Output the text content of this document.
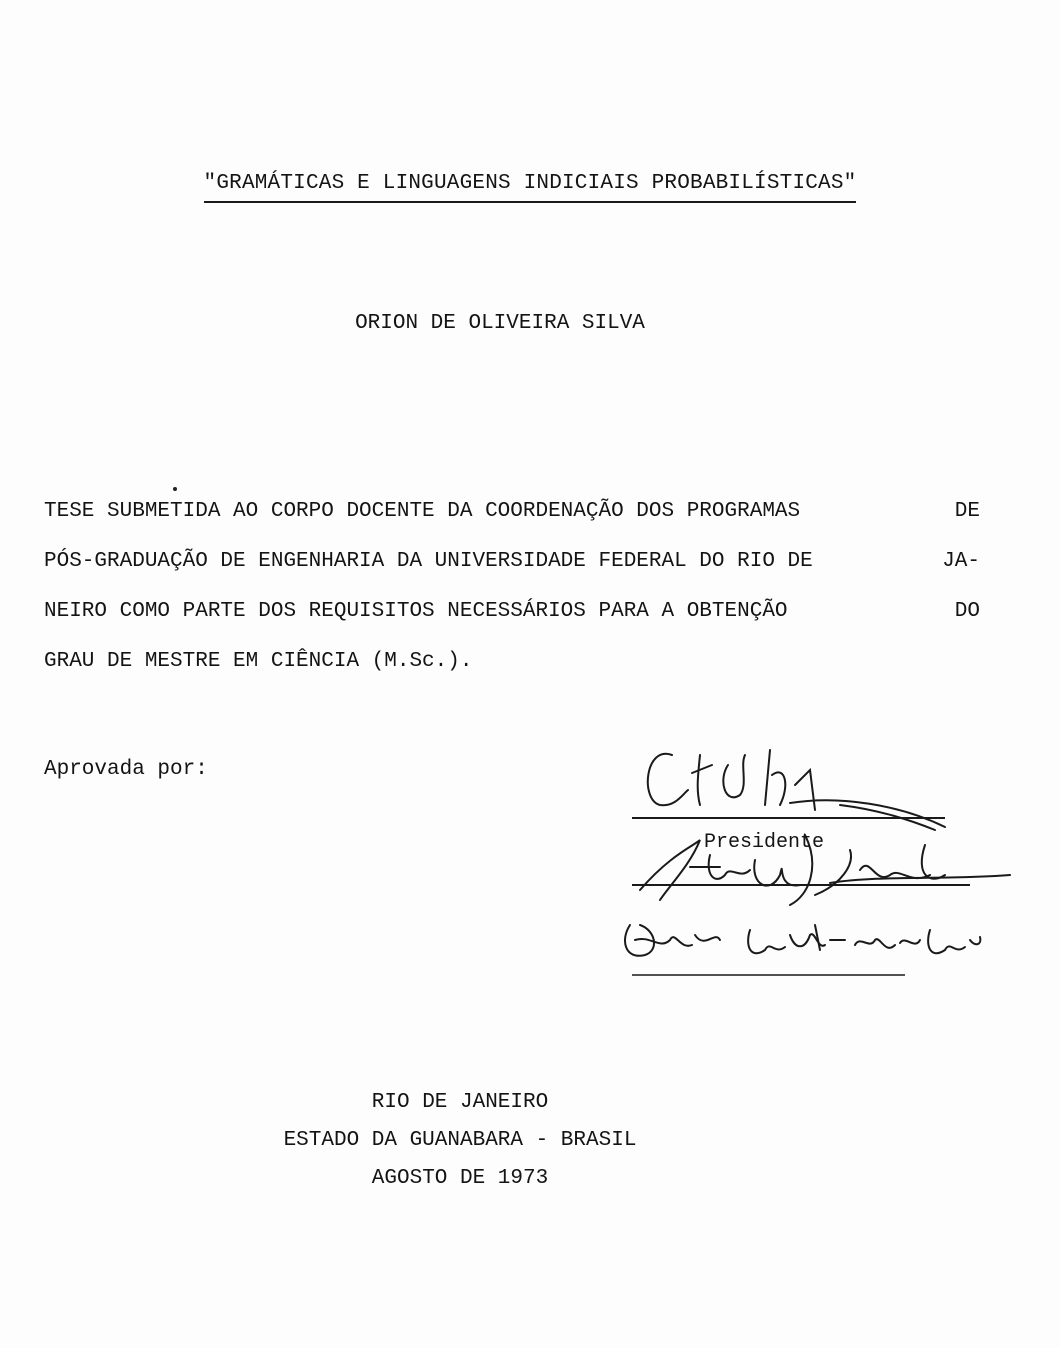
"GRAMÁTICAS E LINGUAGENS INDICIAIS PROBABILÍSTICAS"
ORION DE OLIVEIRA SILVA
TESE SUBMETIDA AO CORPO DOCENTE DA COORDENAÇÃO DOS PROGRAMAS	DE
PÓS-GRADUAÇÃO DE ENGENHARIA DA UNIVERSIDADE FEDERAL DO RIO DE	JA-
NEIRO COMO PARTE DOS REQUISITOS NECESSÁRIOS PARA A OBTENÇÃO	DO
GRAU DE MESTRE EM CIÊNCIA (M.Sc.).
Aprovada por:
Presidente
RIO DE JANEIRO
ESTADO DA GUANABARA - BRASIL
AGOSTO DE 1973
